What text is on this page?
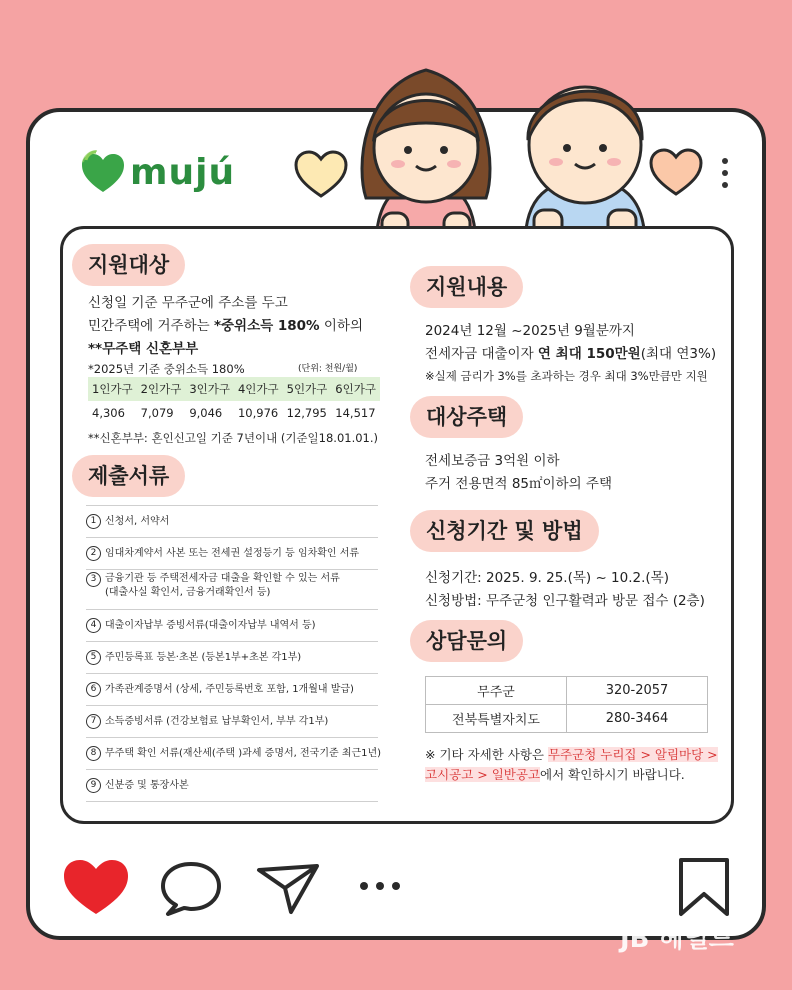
mujú
지원대상
신청일 기준 무주군에 주소를 두고
민간주택에 거주하는 *중위소득 180% 이하의
**무주택 신혼부부
*2025년 기준 중위소득 180%	(단위: 천원/월)
1인가구	2인가구	3인가구	4인가구	5인가구	6인가구
4,306	7,079	9,046	10,976	12,795	14,517
**신혼부부: 혼인신고일 기준 7년이내 (기준일18.01.01.)
제출서류
1 신청서, 서약서
2 임대차계약서 사본 또는 전세권 설정등기 등 임차확인 서류
3 금융기관 등 주택전세자금 대출을 확인할 수 있는 서류
(대출사실 확인서, 금융거래확인서 등)
4 대출이자납부 증빙서류(대출이자납부 내역서 등)
5 주민등록표 등본·초본 (등본1부+초본 각1부)
6 가족관계증명서 (상세, 주민등록번호 포함, 1개월내 발급)
7 소득증빙서류 (건강보험료 납부확인서, 부부 각1부)
8 무주택 확인 서류(재산세(주택 )과세 증명서, 전국기준 최근1년)
9 신분증 및 통장사본
지원내용
2024년 12월 ~2025년 9월분까지
전세자금 대출이자 연 최대 150만원(최대 연3%)
※실제 금리가 3%를 초과하는 경우 최대 3%만큼만 지원
대상주택
전세보증금 3억원 이하
주거 전용면적 85㎡이하의 주택
신청기간 및 방법
신청기간: 2025. 9. 25.(목) ~ 10.2.(목)
신청방법: 무주군청 인구활력과 방문 접수 (2층)
상담문의
무주군	320-2057
전북특별자치도	280-3464
※ 기타 자세한 사항은 무주군청 누리집 > 알림마당 >
고시공고 > 일반공고에서 확인하시기 바랍니다.
JB 헤럴드
